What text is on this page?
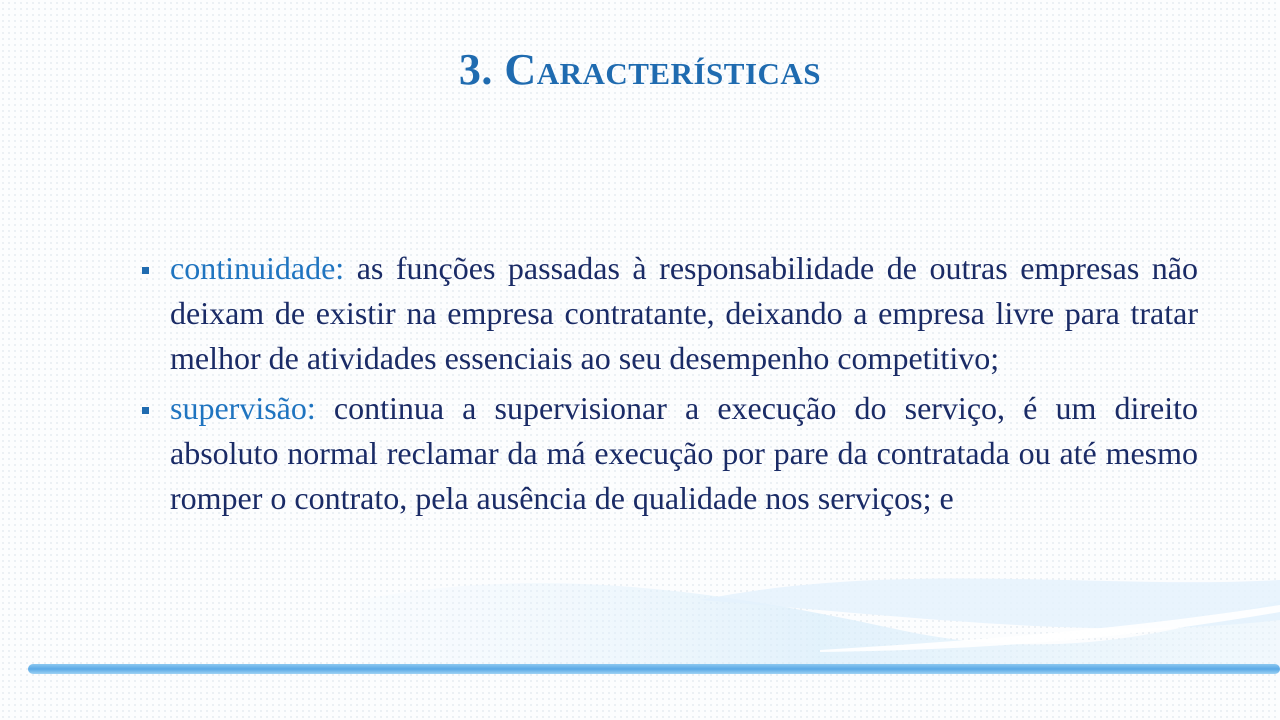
3. Características
continuidade: as funções passadas à responsabilidade de outras empresas não deixam de existir na empresa contratante, deixando a empresa livre para tratar melhor de atividades essenciais ao seu desempenho competitivo;
supervisão: continua a supervisionar a execução do serviço, é um direito absoluto normal reclamar da má execução por pare da contratada ou até mesmo romper o contrato, pela ausência de qualidade nos serviços; e
